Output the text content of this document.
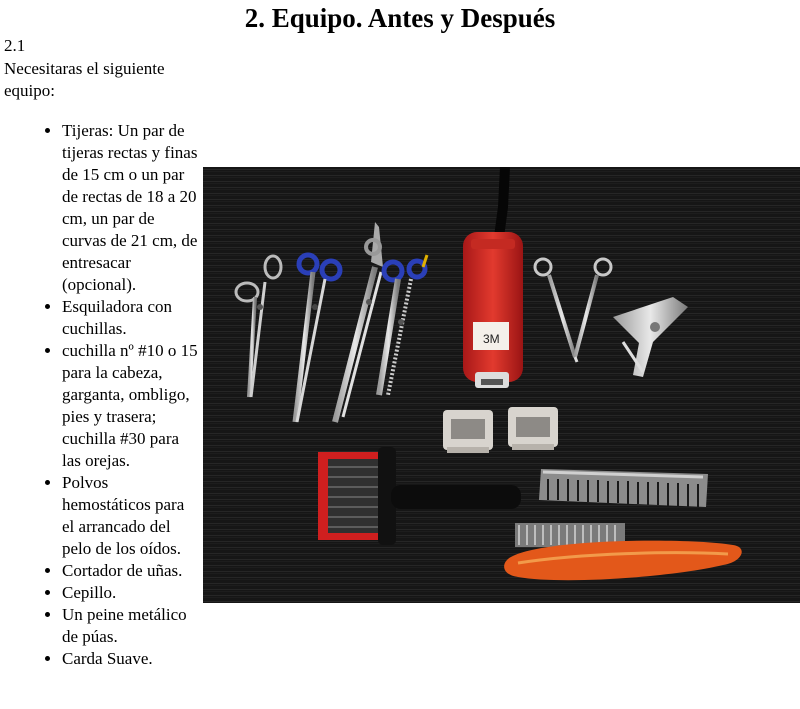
2. Equipo. Antes y Después
2.1
Necesitaras el siguiente equipo:
• Tijeras: Un par de tijeras rectas y finas de 15 cm o un par de rectas de 18 a 20 cm, un par de curvas de 21 cm, de entresacar (opcional).
• Esquiladora con cuchillas.
• cuchilla nº #10 o 15 para la cabeza, garganta, ombligo, pies y trasera; cuchilla #30 para las orejas.
• Polvos hemostáticos para el arrancado del pelo de los oídos.
• Cortador de uñas.
• Cepillo.
• Un peine metálico de púas.
• Carda Suave.
3M
